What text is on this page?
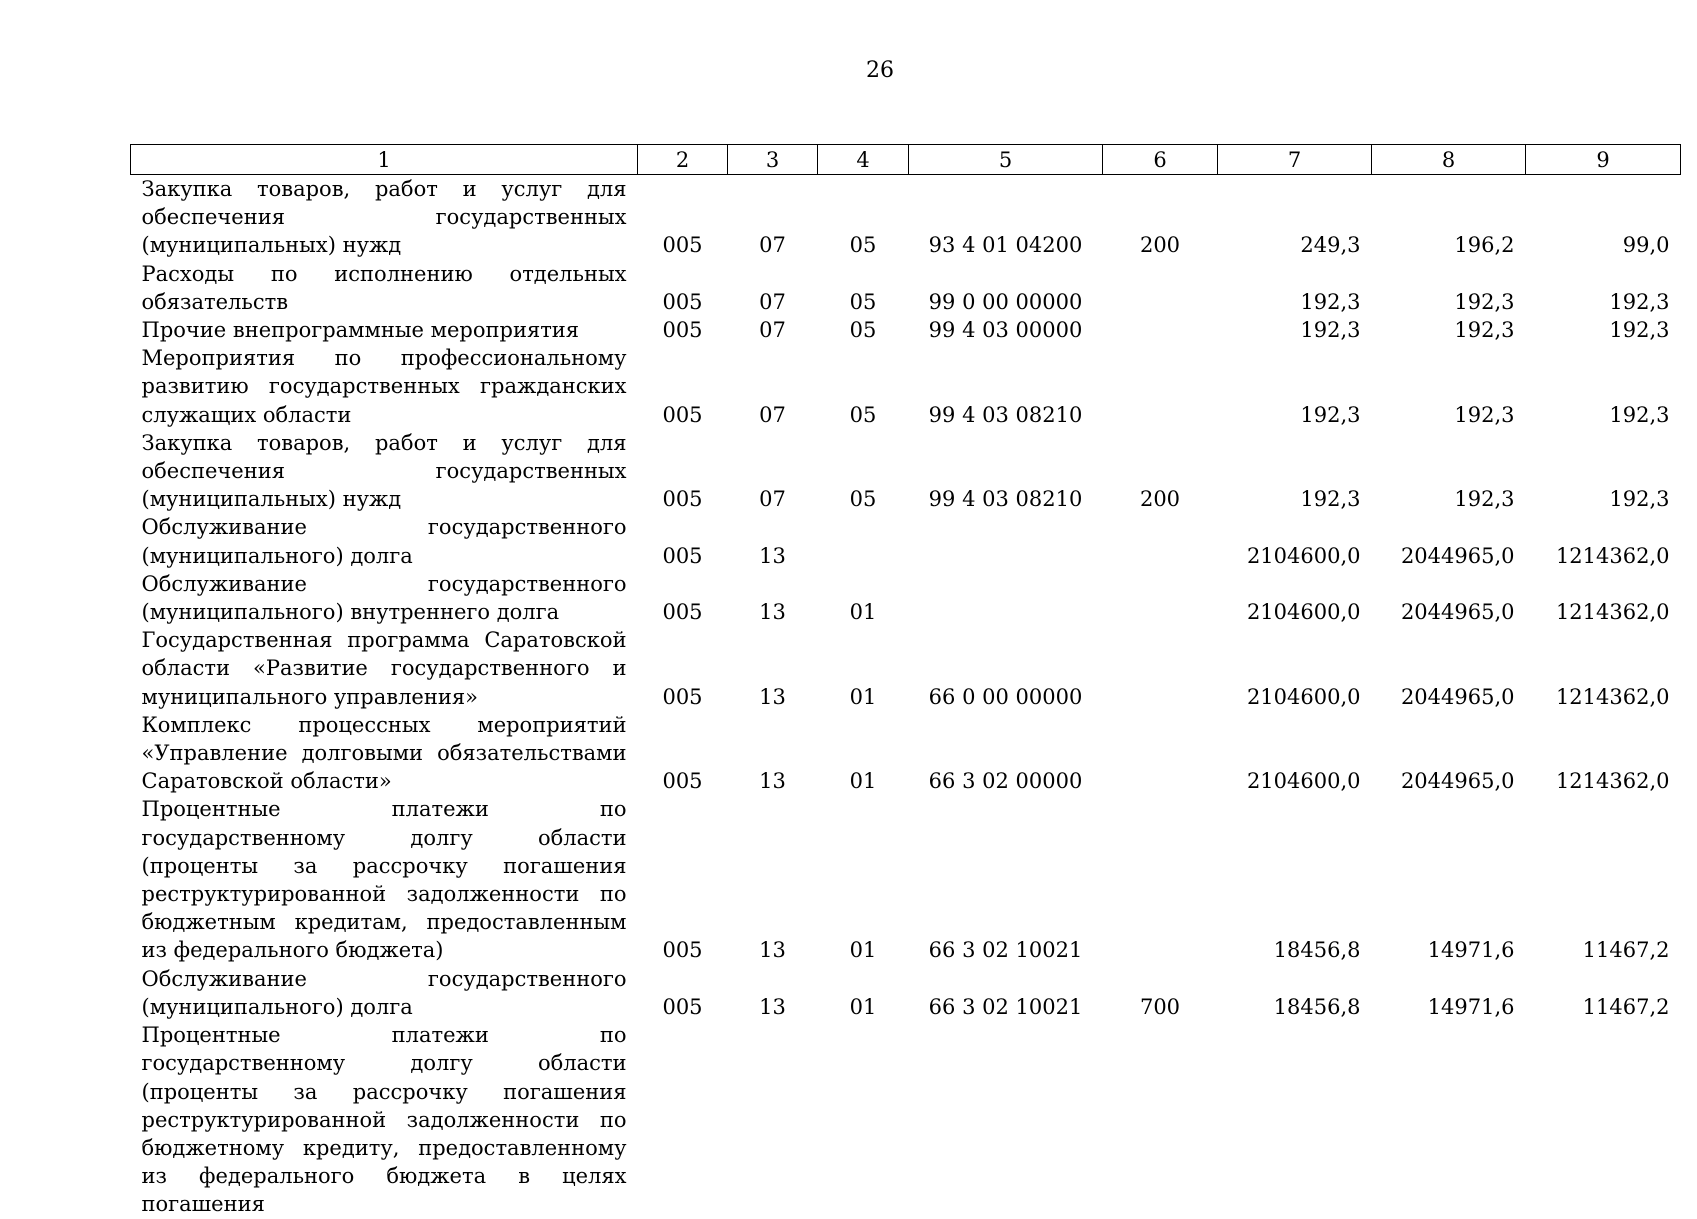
26
1	2	3	4	5	6	7	8	9
Закупка товаров, работ и услуг для обеспечения государственных (муниципальных) нужд	005	07	05	93 4 01 04200	200	249,3	196,2	99,0
Расходы по исполнению отдельных обязательств	005	07	05	99 0 00 00000		192,3	192,3	192,3
Прочие внепрограммные мероприятия	005	07	05	99 4 03 00000		192,3	192,3	192,3
Мероприятия по профессиональному развитию государственных гражданских служащих области	005	07	05	99 4 03 08210		192,3	192,3	192,3
Закупка товаров, работ и услуг для обеспечения государственных (муниципальных) нужд	005	07	05	99 4 03 08210	200	192,3	192,3	192,3
Обслуживание государственного (муниципального) долга	005	13				2104600,0	2044965,0	1214362,0
Обслуживание государственного (муниципального) внутреннего долга	005	13	01			2104600,0	2044965,0	1214362,0
Государственная программа Саратовской области «Развитие государственного и муниципального управления»	005	13	01	66 0 00 00000		2104600,0	2044965,0	1214362,0
Комплекс процессных мероприятий «Управление долговыми обязательствами Саратовской области»	005	13	01	66 3 02 00000		2104600,0	2044965,0	1214362,0
Процентные платежи по государственному долгу области (проценты за рассрочку погашения реструктурированной задолженности по бюджетным кредитам, предоставленным из федерального бюджета)	005	13	01	66 3 02 10021		18456,8	14971,6	11467,2
Обслуживание государственного (муниципального) долга	005	13	01	66 3 02 10021	700	18456,8	14971,6	11467,2
Процентные платежи по государственному долгу области (проценты за рассрочку погашения реструктурированной задолженности по бюджетному кредиту, предоставленному из федерального бюджета в целях погашения								
